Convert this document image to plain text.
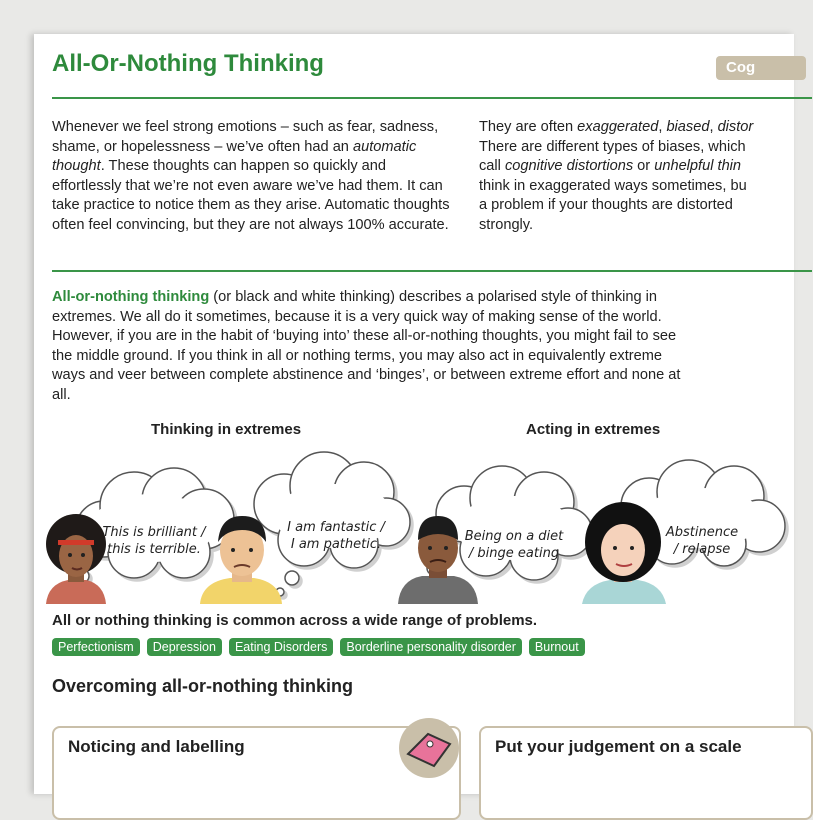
All-Or-Nothing Thinking	Cog
Whenever we feel strong emotions – such as fear, sadness, shame, or hopelessness – we’ve often had an automatic thought. These thoughts can happen so quickly and effortlessly that we’re not even aware we’ve had them. It can take practice to notice them as they arise. Automatic thoughts often feel convincing, but they are not always 100% accurate.
They are often exaggerated, biased, distor
There are different types of biases, which
call cognitive distortions or unhelpful thin
think in exaggerated ways sometimes, bu
a problem if your thoughts are distorted
strongly.
All-or-nothing thinking (or black and white thinking) describes a polarised style of thinking in extremes. We all do it sometimes, because it is a very quick way of making sense of the world. However, if you are in the habit of ‘buying into’ these all-or-nothing thoughts, you might fail to see the middle ground. If you think in all or nothing terms, you may also act in equivalently extreme ways and veer between complete abstinence and ‘binges’, or between extreme effort and none at all.
Thinking in extremes	Acting in extremes
This is brilliant /
this is terrible.
I am fantastic /
I am pathetic.
Being on a diet
/ binge eating
Abstinence
/ relapse
All or nothing thinking is common across a wide range of problems.
Perfectionism	Depression	Eating Disorders	Borderline personality disorder	Burnout
Overcoming all-or-nothing thinking
Noticing and labelling	Put your judgement on a scale
